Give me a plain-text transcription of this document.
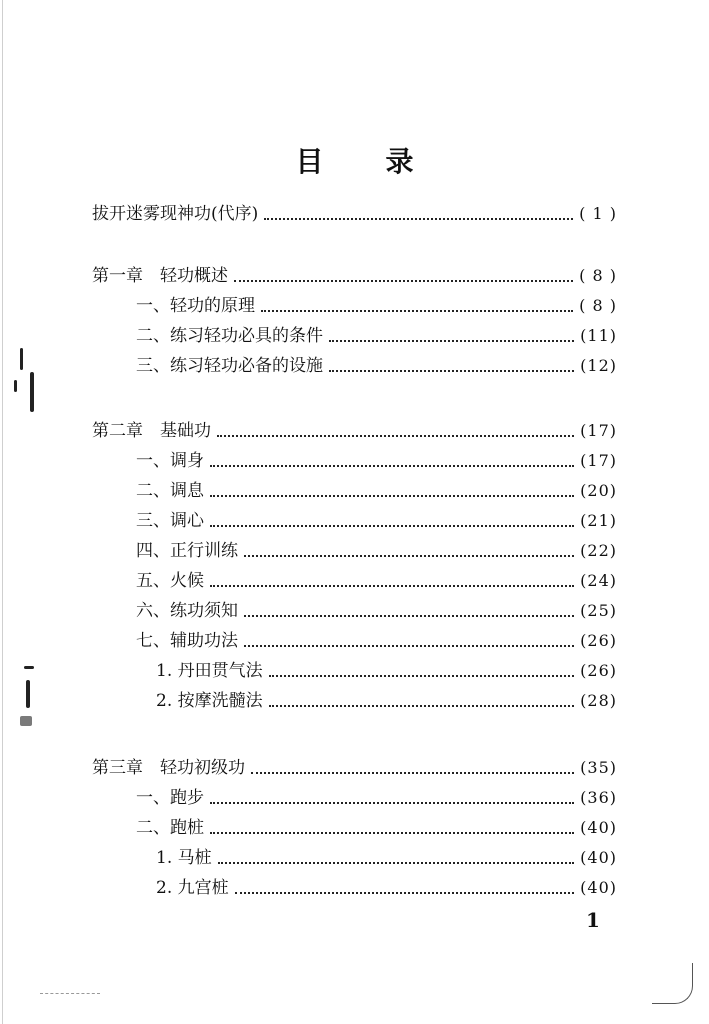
目 录
拔开迷雾现神功(代序)	( 1 )
第一章　轻功概述	( 8 )
一、轻功的原理	( 8 )
二、练习轻功必具的条件	(11)
三、练习轻功必备的设施	(12)
第二章　基础功	(17)
一、调身	(17)
二、调息	(20)
三、调心	(21)
四、正行训练	(22)
五、火候	(24)
六、练功须知	(25)
七、辅助功法	(26)
1. 丹田贯气法	(26)
2. 按摩洗髓法	(28)
第三章　轻功初级功	(35)
一、跑步	(36)
二、跑桩	(40)
1. 马桩	(40)
2. 九宫桩	(40)
1
